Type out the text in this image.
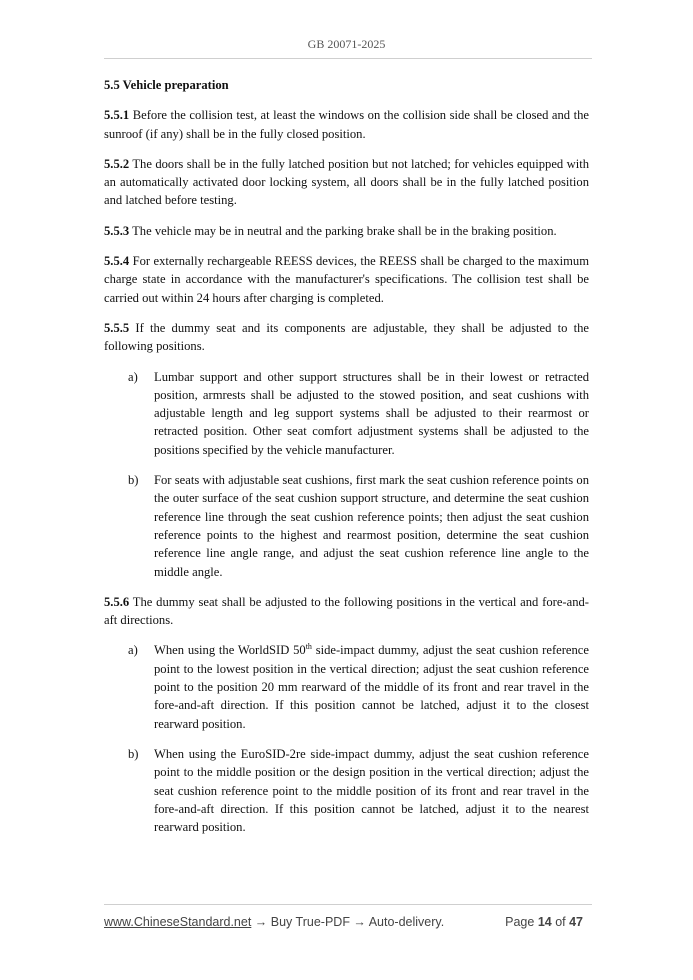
GB 20071-2025
5.5 Vehicle preparation

5.5.1 Before the collision test, at least the windows on the collision side shall be closed and the sunroof (if any) shall be in the fully closed position.

5.5.2 The doors shall be in the fully latched position but not latched; for vehicles equipped with an automatically activated door locking system, all doors shall be in the fully latched position and latched before testing.

5.5.3 The vehicle may be in neutral and the parking brake shall be in the braking position.

5.5.4 For externally rechargeable REESS devices, the REESS shall be charged to the maximum charge state in accordance with the manufacturer's specifications. The collision test shall be carried out within 24 hours after charging is completed.

5.5.5 If the dummy seat and its components are adjustable, they shall be adjusted to the following positions.

a)	Lumbar support and other support structures shall be in their lowest or retracted position, armrests shall be adjusted to the stowed position, and seat cushions with adjustable length and leg support systems shall be adjusted to their rearmost or retracted position. Other seat comfort adjustment systems shall be adjusted to the positions specified by the vehicle manufacturer.
b)	For seats with adjustable seat cushions, first mark the seat cushion reference points on the outer surface of the seat cushion support structure, and determine the seat cushion reference line through the seat cushion reference points; then adjust the seat cushion reference points to the highest and rearmost position, determine the seat cushion reference line angle range, and adjust the seat cushion reference line angle to the middle angle.

5.5.6 The dummy seat shall be adjusted to the following positions in the vertical and fore-and-aft directions.

a)	When using the WorldSID 50th side-impact dummy, adjust the seat cushion reference point to the lowest position in the vertical direction; adjust the seat cushion reference point to the position 20 mm rearward of the middle of its front and rear travel in the fore-and-aft direction. If this position cannot be latched, adjust it to the closest rearward position.
b)	When using the EuroSID-2re side-impact dummy, adjust the seat cushion reference point to the middle position or the design position in the vertical direction; adjust the seat cushion reference point to the middle position of its front and rear travel in the fore-and-aft direction. If this position cannot be latched, adjust it to the nearest rearward position.
www.ChineseStandard.net → Buy True-PDF → Auto-delivery.	Page 14 of 47
